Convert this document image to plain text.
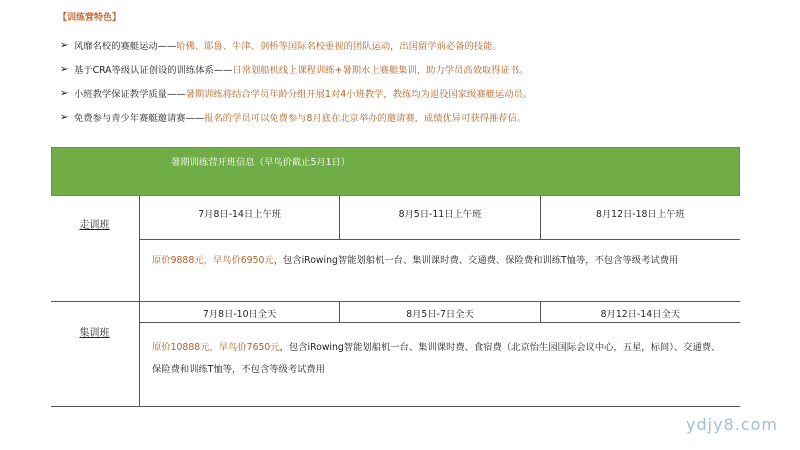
【训练营特色】
➢ 风靡名校的赛艇运动—— 哈佛、耶鲁、牛津、剑桥等国际名校重视的团队运动，出国留学前必备的技能。
➢ 基于CRA等级认证创设的训练体系—— 日常划船机线上课程训练+暑期水上赛艇集训，助力学员高效取得证书。
➢ 小班教学保证教学质量—— 暑期训练将结合学员年龄分组开展1对4小班教学，教练均为退役国家级赛艇运动员。
➢ 免费参与青少年赛艇邀请赛—— 报名的学员可以免费参与8月底在北京举办的邀请赛，成绩优异可获得推荐信。
暑期训练营开班信息（早鸟价截止5月1日）
走训班
7月8日-14日上午班	8月5日-11日上午班	8月12日-18日上午班
原价9888元，早鸟价6950元，包含iRowing智能划船机一台、集训课时费、交通费、保险费和训练T恤等，不包含等级考试费用
集训班
7月8日-10日全天	8月5日-7日全天	8月12日-14日全天
原价10888元，早鸟价7650元，包含iRowing智能划船机一台、集训课时费、食宿费（北京怡生园国际会议中心，五星，标间）、交通费、保险费和训练T恤等，不包含等级考试费用
ydjy8.com
